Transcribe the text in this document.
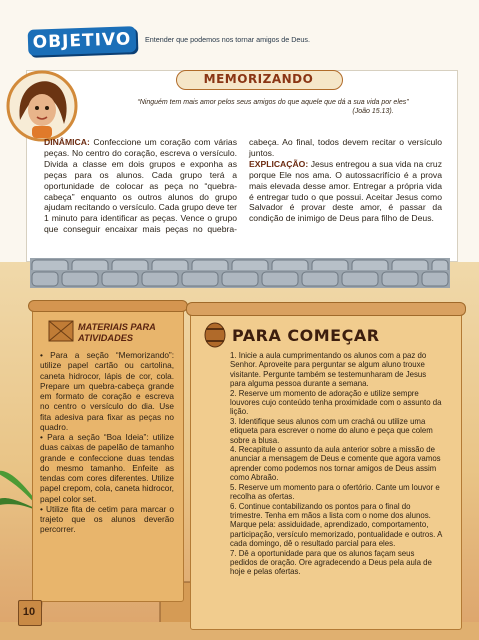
OBJETIVO	Entender que podemos nos tornar amigos de Deus.
MEMORIZANDO
“Ninguém tem mais amor pelos seus amigos do que aquele que dá a sua vida por eles”
(João 15.13).
DINÂMICA: Confeccione um coração com várias peças. No centro do coração, escreva o versículo. Divida a classe em dois grupos e exponha as peças para os alunos. Cada grupo terá a oportunidade de colocar as peça no “quebra-cabeça” enquanto os outros alunos do grupo ajudam recitando o versículo. Cada grupo deve ter 1 minuto para identificar as peças. Vence o grupo que conseguir encaixar mais peças no quebra-cabeça. Ao final, todos devem recitar o versículo juntos.
EXPLICAÇÃO: Jesus entregou a sua vida na cruz porque Ele nos ama. O autossacrifício é a prova mais elevada desse amor. Entregar a própria vida é entregar tudo o que possui. Aceitar Jesus como Salvador é provar deste amor, é passar da condição de inimigo de Deus para filho de Deus.
MATERIAIS PARA ATIVIDADES

• Para a seção “Memorizando”: utilize papel cartão ou cartolina, caneta hidrocor, lápis de cor, cola. Prepare um quebra-cabeça grande em formato de coração e escreva no centro o versículo do dia. Use fita adesiva para fixar as peças no quadro.

• Para a seção “Boa Ideia”: utilize duas caixas de papelão de tamanho grande e confeccione duas tendas do mesmo tamanho. Enfeite as tendas com cores diferentes. Utilize papel crepom, cola, caneta hidrocor, papel color set.

• Utilize fita de cetim para marcar o trajeto que os alunos deverão percorrer.

PARA COMEÇAR

1. Inicie a aula cumprimentando os alunos com a paz do Senhor. Aproveite para perguntar se algum aluno trouxe visitante. Pergunte também se testemunharam de Jesus para alguma pessoa durante a semana.

2. Reserve um momento de adoração e utilize sempre louvores cujo conteúdo tenha proximidade com o assunto da lição.

3. Identifique seus alunos com um crachá ou utilize uma etiqueta para escrever o nome do aluno e peça que colem sobre a blusa.

4. Recapitule o assunto da aula anterior sobre a missão de anunciar a mensagem de Deus e comente que agora vamos aprender como podemos nos tornar amigos de Deus assim como Abraão.

5. Reserve um momento para o ofertório. Cante um louvor e recolha as ofertas.

6. Continue contabilizando os pontos para o final do trimestre. Tenha em mãos a lista com o nome dos alunos. Marque pela: assiduidade, aprendizado, comportamento, participação, versículo memorizado, pontualidade e outros. A cada domingo, dê o resultado parcial para eles.

7. Dê a oportunidade para que os alunos façam seus pedidos de oração. Ore agradecendo a Deus pela aula de hoje e pelas ofertas.

10
